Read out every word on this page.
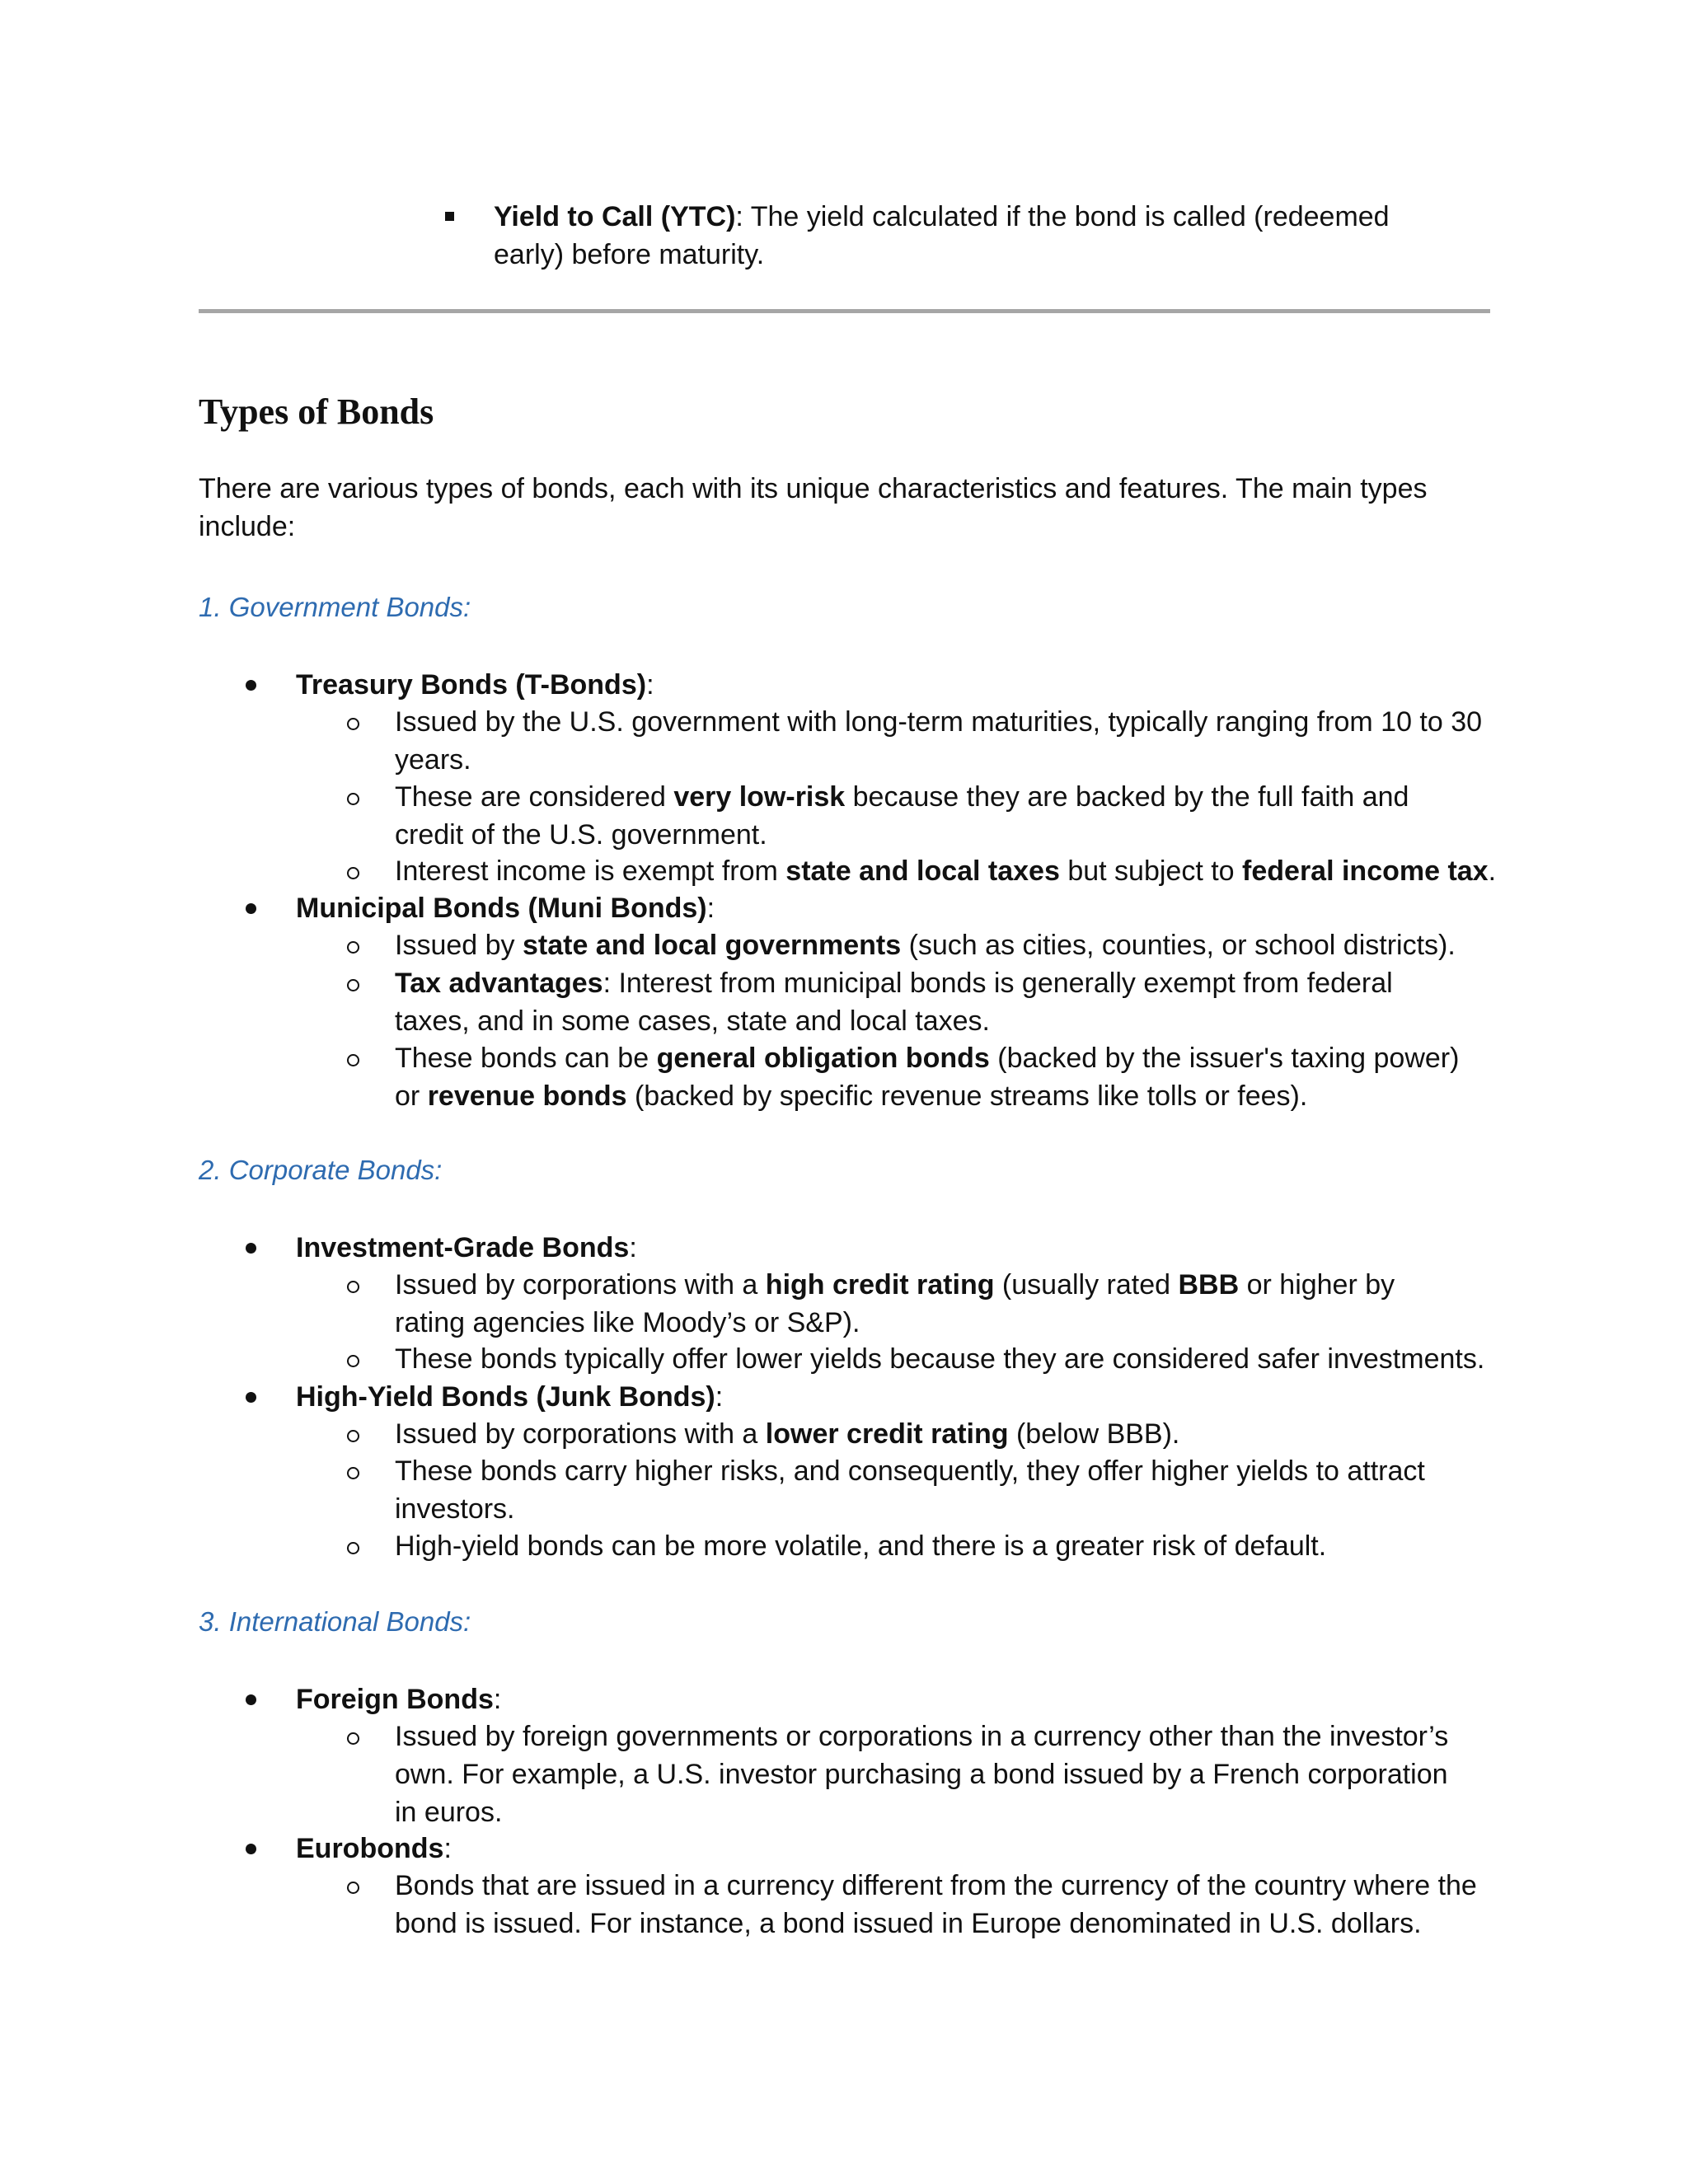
Yield to Call (YTC): The yield calculated if the bond is called (redeemed early) before maturity.
Types of Bonds
There are various types of bonds, each with its unique characteristics and features. The main types include:
1. Government Bonds:
Treasury Bonds (T-Bonds):
Issued by the U.S. government with long-term maturities, typically ranging from 10 to 30 years.
These are considered very low-risk because they are backed by the full faith and credit of the U.S. government.
Interest income is exempt from state and local taxes but subject to federal income tax.
Municipal Bonds (Muni Bonds):
Issued by state and local governments (such as cities, counties, or school districts).
Tax advantages: Interest from municipal bonds is generally exempt from federal taxes, and in some cases, state and local taxes.
These bonds can be general obligation bonds (backed by the issuer's taxing power) or revenue bonds (backed by specific revenue streams like tolls or fees).
2. Corporate Bonds:
Investment-Grade Bonds:
Issued by corporations with a high credit rating (usually rated BBB or higher by rating agencies like Moody’s or S&P).
These bonds typically offer lower yields because they are considered safer investments.
High-Yield Bonds (Junk Bonds):
Issued by corporations with a lower credit rating (below BBB).
These bonds carry higher risks, and consequently, they offer higher yields to attract investors.
High-yield bonds can be more volatile, and there is a greater risk of default.
3. International Bonds:
Foreign Bonds:
Issued by foreign governments or corporations in a currency other than the investor’s own. For example, a U.S. investor purchasing a bond issued by a French corporation in euros.
Eurobonds:
Bonds that are issued in a currency different from the currency of the country where the bond is issued. For instance, a bond issued in Europe denominated in U.S. dollars.
